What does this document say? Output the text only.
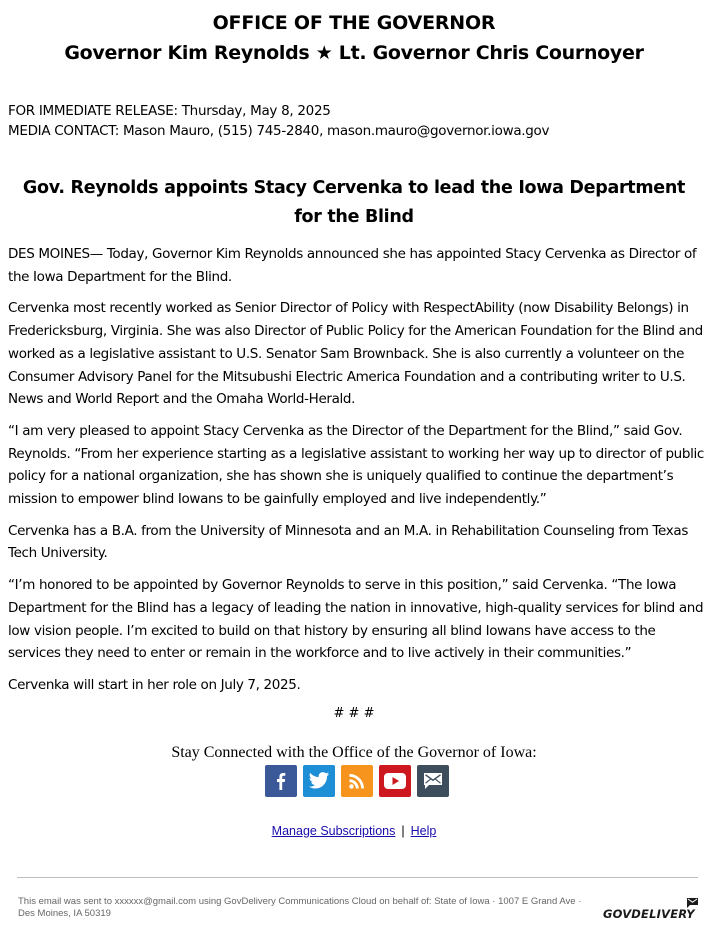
OFFICE OF THE GOVERNOR
Governor Kim Reynolds ★ Lt. Governor Chris Cournoyer
FOR IMMEDIATE RELEASE: Thursday, May 8, 2025
MEDIA CONTACT: Mason Mauro, (515) 745-2840, mason.mauro@governor.iowa.gov
Gov. Reynolds appoints Stacy Cervenka to lead the Iowa Department for the Blind

DES MOINES— Today, Governor Kim Reynolds announced she has appointed Stacy Cervenka as Director of the Iowa Department for the Blind.

Cervenka most recently worked as Senior Director of Policy with RespectAbility (now Disability Belongs) in Fredericksburg, Virginia. She was also Director of Public Policy for the American Foundation for the Blind and worked as a legislative assistant to U.S. Senator Sam Brownback. She is also currently a volunteer on the Consumer Advisory Panel for the Mitsubushi Electric America Foundation and a contributing writer to U.S. News and World Report and the Omaha World-Herald.

“I am very pleased to appoint Stacy Cervenka as the Director of the Department for the Blind,” said Gov. Reynolds. “From her experience starting as a legislative assistant to working her way up to director of public policy for a national organization, she has shown she is uniquely qualified to continue the department’s mission to empower blind Iowans to be gainfully employed and live independently.”

Cervenka has a B.A. from the University of Minnesota and an M.A. in Rehabilitation Counseling from Texas Tech University.

“I’m honored to be appointed by Governor Reynolds to serve in this position,” said Cervenka. “The Iowa Department for the Blind has a legacy of leading the nation in innovative, high-quality services for blind and low vision people. I’m excited to build on that history by ensuring all blind Iowans have access to the services they need to enter or remain in the workforce and to live actively in their communities.”

Cervenka will start in her role on July 7, 2025.

# # #
Stay Connected with the Office of the Governor of Iowa:
Manage Subscriptions | Help
This email was sent to xxxxxx@gmail.com using GovDelivery Communications Cloud on behalf of: State of Iowa · 1007 E Grand Ave · Des Moines, IA 50319	GOVDELIVERY
